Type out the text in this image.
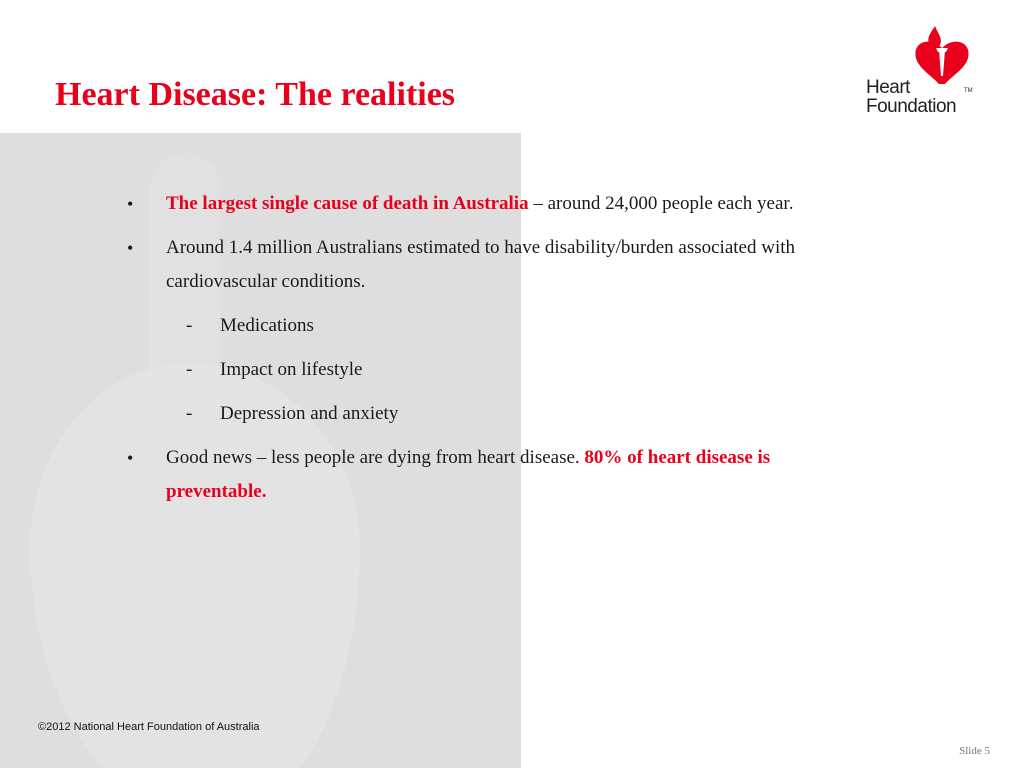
Heart Disease: The realities	Heart
Foundation
TM
• The largest single cause of death in Australia – around 24,000 people each year.
• Around 1.4 million Australians estimated to have disability/burden associated with cardiovascular conditions.
- Medications
- Impact on lifestyle
- Depression and anxiety
• Good news – less people are dying from heart disease. 80% of heart disease is preventable.
©2012 National Heart Foundation of Australia
Slide 5
